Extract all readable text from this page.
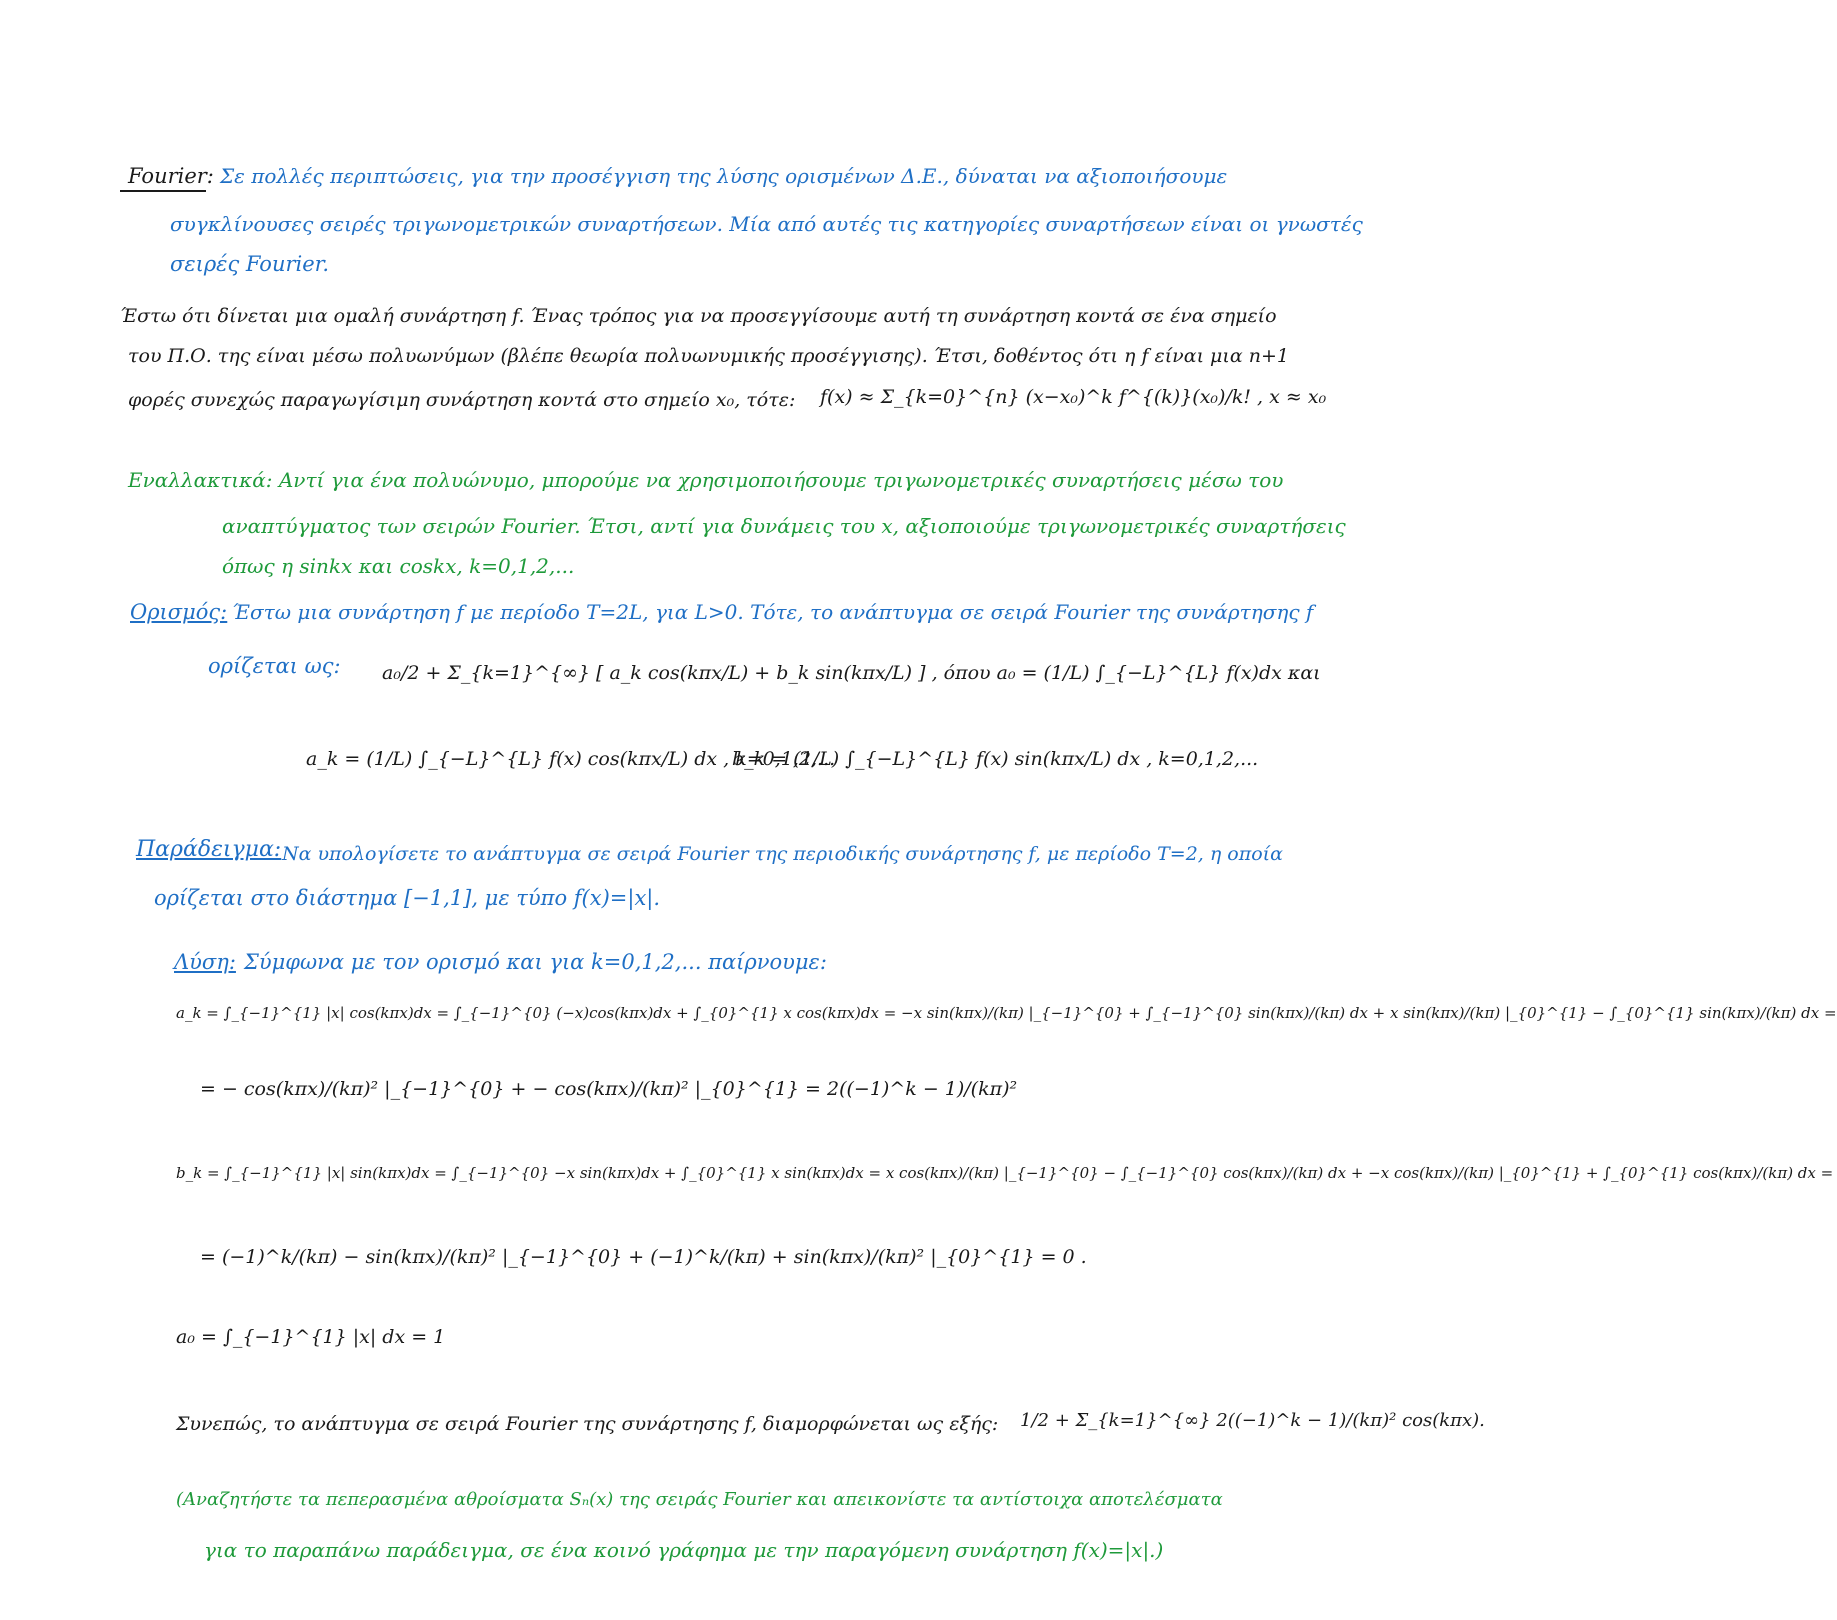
Fourier: Σε πολλές περιπτώσεις, για την προσέγγιση της λύσης ορισμένων Δ.Ε., δύναται να αξιοποιήσουμε
συγκλίνουσες σειρές τριγωνομετρικών συναρτήσεων. Μία από αυτές τις κατηγορίες συναρτήσεων είναι οι γνωστές
σειρές Fourier.
Έστω ότι δίνεται μια ομαλή συνάρτηση f. Ένας τρόπος για να προσεγγίσουμε αυτή τη συνάρτηση κοντά σε ένα σημείο
του Π.Ο. της είναι μέσω πολυωνύμων (βλέπε θεωρία πολυωνυμικής προσέγγισης). Έτσι, δοθέντος ότι η f είναι μια n+1
φορές συνεχώς παραγωγίσιμη συνάρτηση κοντά στο σημείο x₀, τότε: f(x) ≈ Σ_{k=0}^{n} (x−x₀)^k f^{(k)}(x₀)/k! , x ≈ x₀
Εναλλακτικά: Αντί για ένα πολυώνυμο, μπορούμε να χρησιμοποιήσουμε τριγωνομετρικές συναρτήσεις μέσω του
αναπτύγματος των σειρών Fourier. Έτσι, αντί για δυνάμεις του x, αξιοποιούμε τριγωνομετρικές συναρτήσεις
όπως η sinkx και coskx, k=0,1,2,...
Ορισμός: Έστω μια συνάρτηση f με περίοδο T=2L, για L>0. Τότε, το ανάπτυγμα σε σειρά Fourier της συνάρτησης f
ορίζεται ως: a₀/2 + Σ_{k=1}^{∞} [ a_k cos(kπx/L) + b_k sin(kπx/L) ] , όπου a₀ = (1/L) ∫_{−L}^{L} f(x)dx και
a_k = (1/L) ∫_{−L}^{L} f(x) cos(kπx/L) dx , k=0,1,2,...
b_k = (1/L) ∫_{−L}^{L} f(x) sin(kπx/L) dx , k=0,1,2,...
Παράδειγμα: Να υπολογίσετε το ανάπτυγμα σε σειρά Fourier της περιοδικής συνάρτησης f, με περίοδο T=2, η οποία
ορίζεται στο διάστημα [−1,1], με τύπο f(x)=|x|.
Λύση: Σύμφωνα με τον ορισμό και για k=0,1,2,... παίρνουμε:
a_k = ∫_{−1}^{1} |x| cos(kπx)dx = ∫_{−1}^{0} (−x)cos(kπx)dx + ∫_{0}^{1} x cos(kπx)dx = −x sin(kπx)/(kπ) |_{−1}^{0} + ∫_{−1}^{0} sin(kπx)/(kπ) dx + x sin(kπx)/(kπ) |_{0}^{1} − ∫_{0}^{1} sin(kπx)/(kπ) dx =
= − cos(kπx)/(kπ)² |_{−1}^{0} + − cos(kπx)/(kπ)² |_{0}^{1} = 2((−1)^k − 1)/(kπ)²
b_k = ∫_{−1}^{1} |x| sin(kπx)dx = ∫_{−1}^{0} −x sin(kπx)dx + ∫_{0}^{1} x sin(kπx)dx = x cos(kπx)/(kπ) |_{−1}^{0} − ∫_{−1}^{0} cos(kπx)/(kπ) dx + −x cos(kπx)/(kπ) |_{0}^{1} + ∫_{0}^{1} cos(kπx)/(kπ) dx =
= (−1)^k/(kπ) − sin(kπx)/(kπ)² |_{−1}^{0} + (−1)^k/(kπ) + sin(kπx)/(kπ)² |_{0}^{1} = 0 .
a₀ = ∫_{−1}^{1} |x| dx = 1
Συνεπώς, το ανάπτυγμα σε σειρά Fourier της συνάρτησης f, διαμορφώνεται ως εξής: 1/2 + Σ_{k=1}^{∞} 2((−1)^k − 1)/(kπ)² cos(kπx).
(Αναζητήστε τα πεπερασμένα αθροίσματα Sₙ(x) της σειράς Fourier και απεικονίστε τα αντίστοιχα αποτελέσματα
για το παραπάνω παράδειγμα, σε ένα κοινό γράφημα με την παραγόμενη συνάρτηση f(x)=|x|.)
